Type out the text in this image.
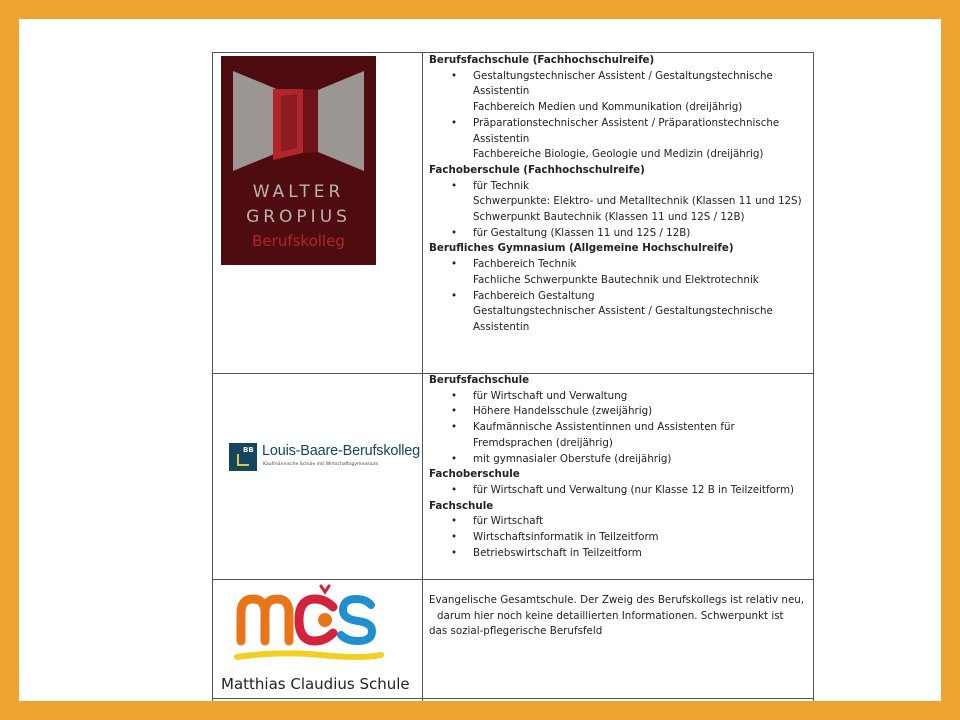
WALTER
GROPIUS
Berufskolleg
Berufsfachschule (Fachhochschulreife)
• Gestaltungstechnischer Assistent / Gestaltungstechnische
Assistentin
Fachbereich Medien und Kommunikation (dreijährig)
• Präparationstechnischer Assistent / Präparationstechnische
Assistentin
Fachbereiche Biologie, Geologie und Medizin (dreijährig)
Fachoberschule (Fachhochschulreife)
• für Technik
Schwerpunkte: Elektro- und Metalltechnik (Klassen 11 und 12S)
Schwerpunkt Bautechnik (Klassen 11 und 12S / 12B)
• für Gestaltung (Klassen 11 und 12S / 12B)
Berufliches Gymnasium (Allgemeine Hochschulreife)
• Fachbereich Technik
Fachliche Schwerpunkte Bautechnik und Elektrotechnik
• Fachbereich Gestaltung
Gestaltungstechnischer Assistent / Gestaltungstechnische
Assistentin
BB Louis-Baare-Berufskolleg
Kaufmännische Schule mit Wirtschaftsgymnasium
Berufsfachschule
• für Wirtschaft und Verwaltung
• Höhere Handelsschule (zweijährig)
• Kaufmännische Assistentinnen und Assistenten für
Fremdsprachen (dreijährig)
• mit gymnasialer Oberstufe (dreijährig)
Fachoberschule
• für Wirtschaft und Verwaltung (nur Klasse 12 B in Teilzeitform)
Fachschule
• für Wirtschaft
• Wirtschaftsinformatik in Teilzeitform
• Betriebswirtschaft in Teilzeitform
Matthias Claudius Schule
Evangelische Gesamtschule. Der Zweig des Berufskollegs ist relativ neu,
darum hier noch keine detaillierten Informationen. Schwerpunkt ist
das sozial-pflegerische Berufsfeld
